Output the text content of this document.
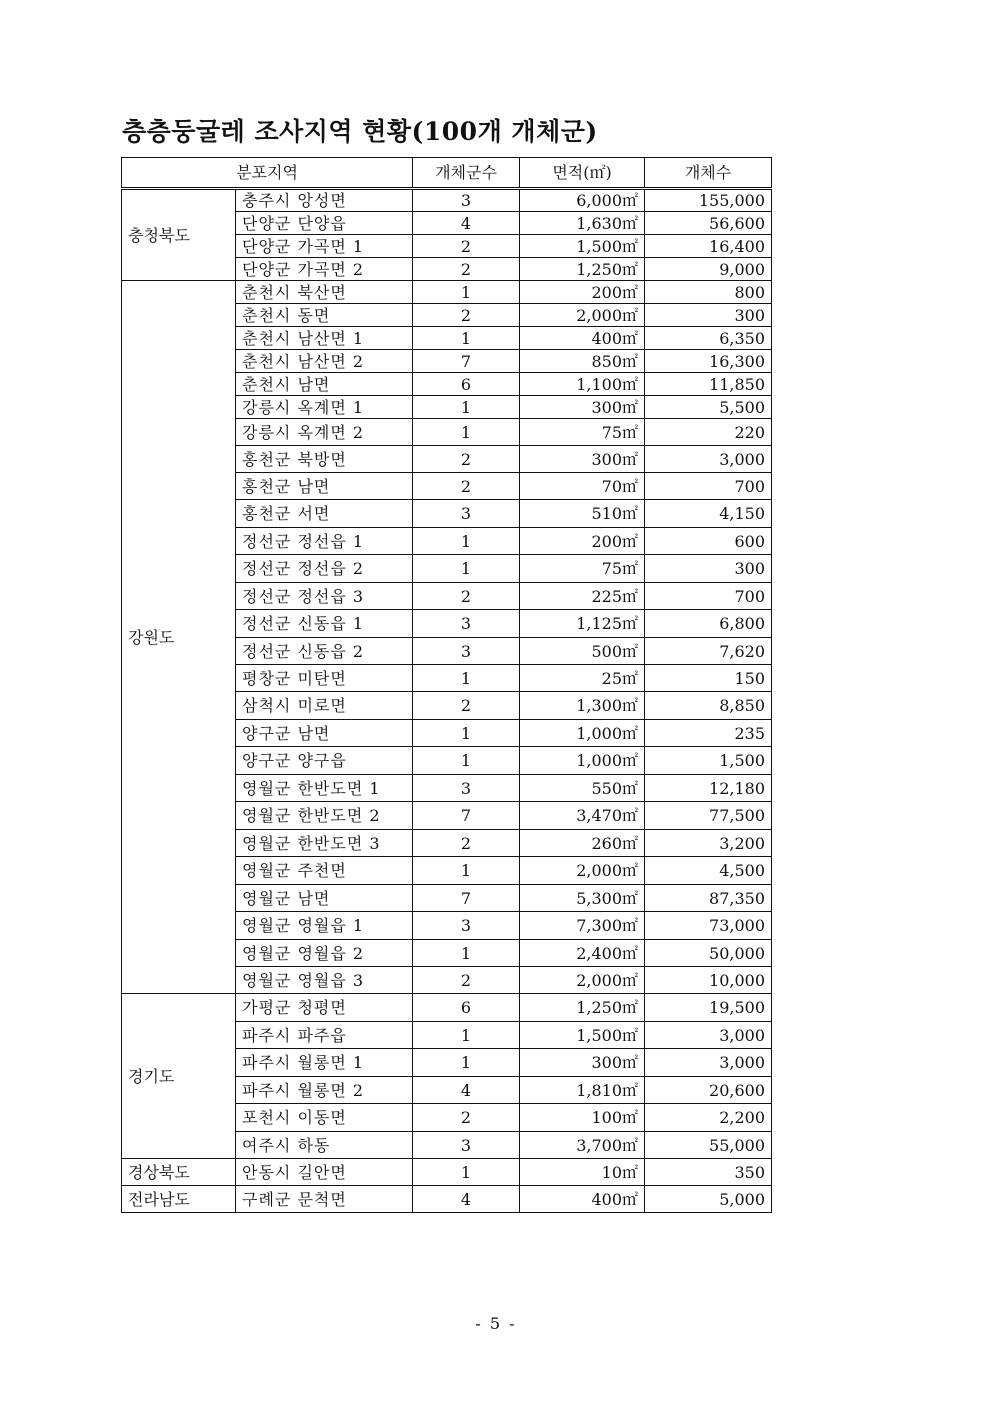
층층둥굴레 조사지역 현황(100개 개체군)
분포지역		개체군수	면적(㎡)	개체수
충청북도	충주시 앙성면	3	6,000㎡	155,000
	단양군 단양읍	4	1,630㎡	56,600
	단양군 가곡면 1	2	1,500㎡	16,400
	단양군 가곡면 2	2	1,250㎡	9,000
강원도	춘천시 북산면	1	200㎡	800
	춘천시 동면	2	2,000㎡	300
	춘천시 남산면 1	1	400㎡	6,350
	춘천시 남산면 2	7	850㎡	16,300
	춘천시 남면	6	1,100㎡	11,850
	강릉시 옥계면 1	1	300㎡	5,500
	강릉시 옥계면 2	1	75㎡	220
	홍천군 북방면	2	300㎡	3,000
	홍천군 남면	2	70㎡	700
	홍천군 서면	3	510㎡	4,150
	정선군 정선읍 1	1	200㎡	600
	정선군 정선읍 2	1	75㎡	300
	정선군 정선읍 3	2	225㎡	700
	정선군 신동읍 1	3	1,125㎡	6,800
	정선군 신동읍 2	3	500㎡	7,620
	평창군 미탄면	1	25㎡	150
	삼척시 미로면	2	1,300㎡	8,850
	양구군 남면	1	1,000㎡	235
	양구군 양구읍	1	1,000㎡	1,500
	영월군 한반도면 1	3	550㎡	12,180
	영월군 한반도면 2	7	3,470㎡	77,500
	영월군 한반도면 3	2	260㎡	3,200
	영월군 주천면	1	2,000㎡	4,500
	영월군 남면	7	5,300㎡	87,350
	영월군 영월읍 1	3	7,300㎡	73,000
	영월군 영월읍 2	1	2,400㎡	50,000
	영월군 영월읍 3	2	2,000㎡	10,000
경기도	가평군 청평면	6	1,250㎡	19,500
	파주시 파주읍	1	1,500㎡	3,000
	파주시 월롱면 1	1	300㎡	3,000
	파주시 월롱면 2	4	1,810㎡	20,600
	포천시 이동면	2	100㎡	2,200
	여주시 하동	3	3,700㎡	55,000
경상북도	안동시 길안면	1	10㎡	350
전라남도	구례군 문척면	4	400㎡	5,000
- 5 -
